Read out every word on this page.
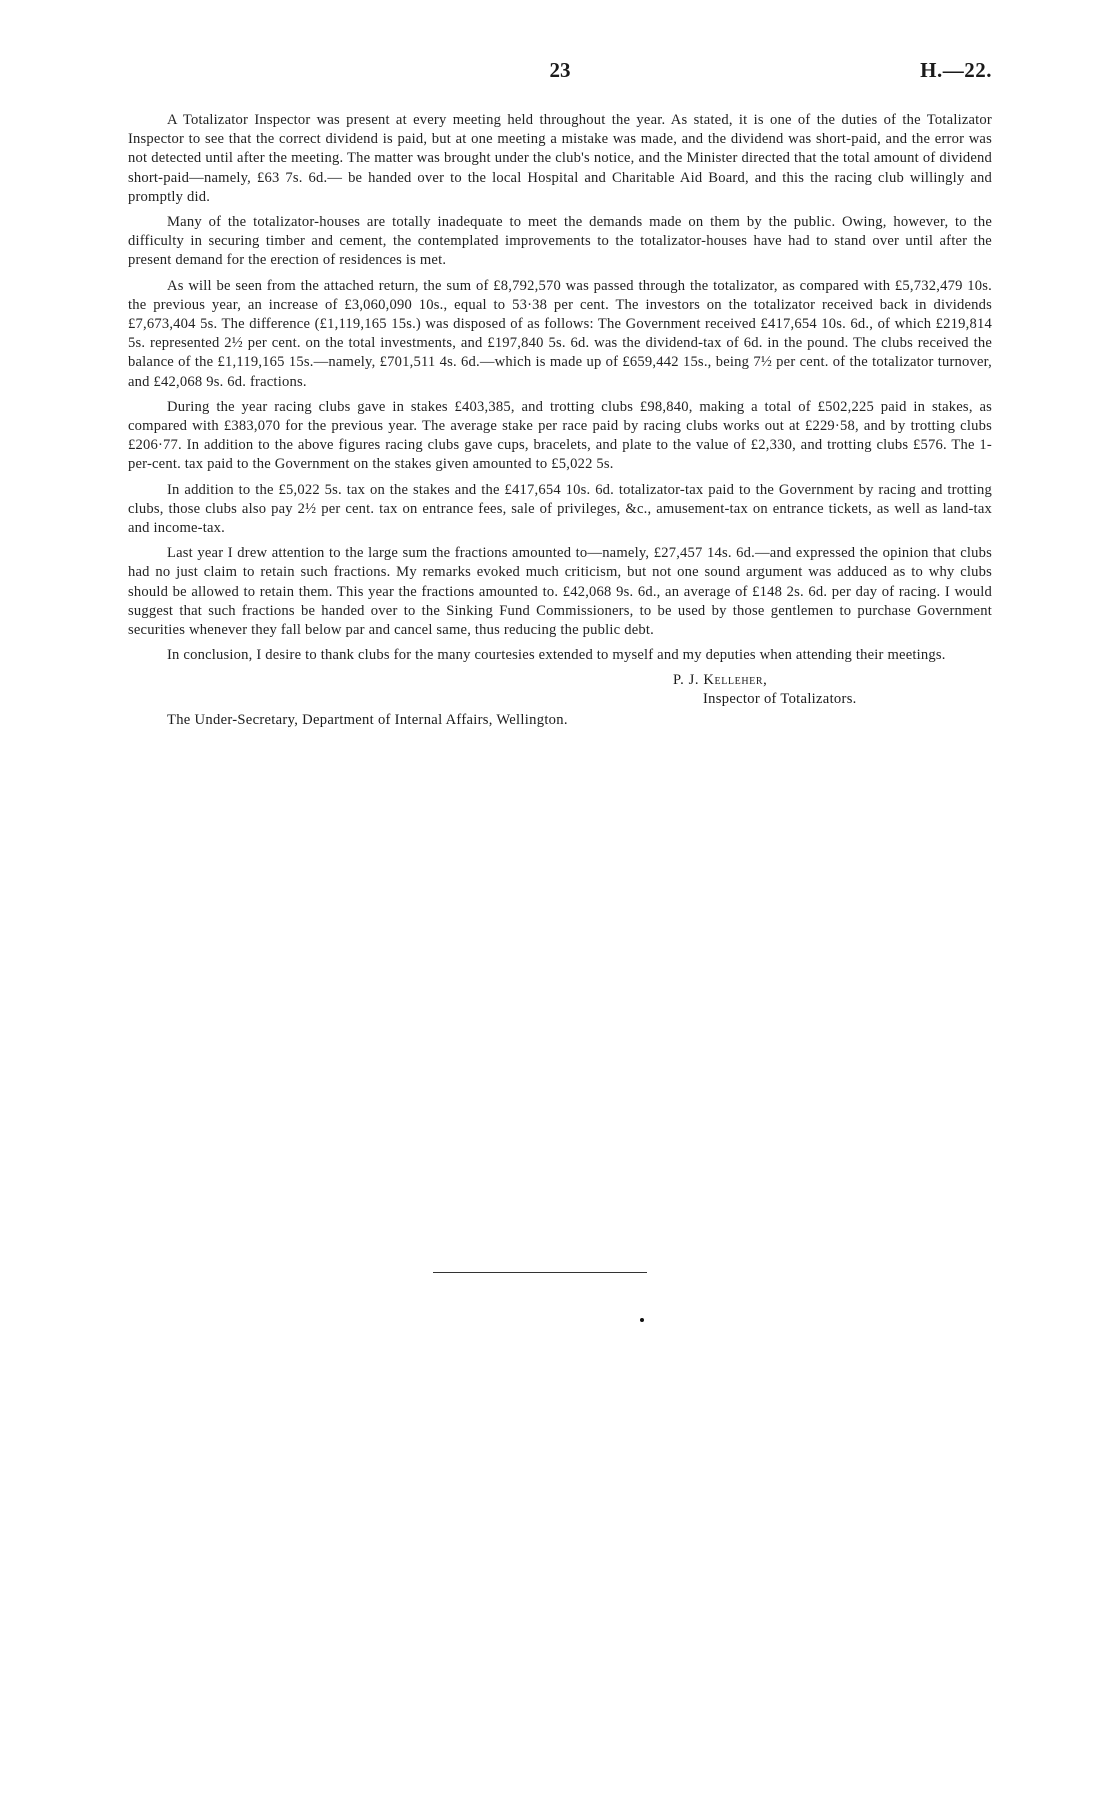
23	H.—22.

A Totalizator Inspector was present at every meeting held throughout the year. As stated, it is one of the duties of the Totalizator Inspector to see that the correct dividend is paid, but at one meeting a mistake was made, and the dividend was short-paid, and the error was not detected until after the meeting. The matter was brought under the club's notice, and the Minister directed that the total amount of dividend short-paid—namely, £63 7s. 6d.— be handed over to the local Hospital and Charitable Aid Board, and this the racing club willingly and promptly did.

Many of the totalizator-houses are totally inadequate to meet the demands made on them by the public. Owing, however, to the difficulty in securing timber and cement, the contemplated improvements to the totalizator-houses have had to stand over until after the present demand for the erection of residences is met.

As will be seen from the attached return, the sum of £8,792,570 was passed through the totalizator, as compared with £5,732,479 10s. the previous year, an increase of £3,060,090 10s., equal to 53·38 per cent. The investors on the totalizator received back in dividends £7,673,404 5s. The difference (£1,119,165 15s.) was disposed of as follows: The Government received £417,654 10s. 6d., of which £219,814 5s. represented 2½ per cent. on the total investments, and £197,840 5s. 6d. was the dividend-tax of 6d. in the pound. The clubs received the balance of the £1,119,165 15s.—namely, £701,511 4s. 6d.—which is made up of £659,442 15s., being 7½ per cent. of the totalizator turnover, and £42,068 9s. 6d. fractions.

During the year racing clubs gave in stakes £403,385, and trotting clubs £98,840, making a total of £502,225 paid in stakes, as compared with £383,070 for the previous year. The average stake per race paid by racing clubs works out at £229·58, and by trotting clubs £206·77. In addition to the above figures racing clubs gave cups, bracelets, and plate to the value of £2,330, and trotting clubs £576. The 1-per-cent. tax paid to the Government on the stakes given amounted to £5,022 5s.

In addition to the £5,022 5s. tax on the stakes and the £417,654 10s. 6d. totalizator-tax paid to the Government by racing and trotting clubs, those clubs also pay 2½ per cent. tax on entrance fees, sale of privileges, &c., amusement-tax on entrance tickets, as well as land-tax and income-tax.

Last year I drew attention to the large sum the fractions amounted to—namely, £27,457 14s. 6d.—and expressed the opinion that clubs had no just claim to retain such fractions. My remarks evoked much criticism, but not one sound argument was adduced as to why clubs should be allowed to retain them. This year the fractions amounted to. £42,068 9s. 6d., an average of £148 2s. 6d. per day of racing. I would suggest that such fractions be handed over to the Sinking Fund Commissioners, to be used by those gentlemen to purchase Government securities whenever they fall below par and cancel same, thus reducing the public debt.

In conclusion, I desire to thank clubs for the many courtesies extended to myself and my deputies when attending their meetings.

P. J. Kelleher,
Inspector of Totalizators.

The Under-Secretary, Department of Internal Affairs, Wellington.
